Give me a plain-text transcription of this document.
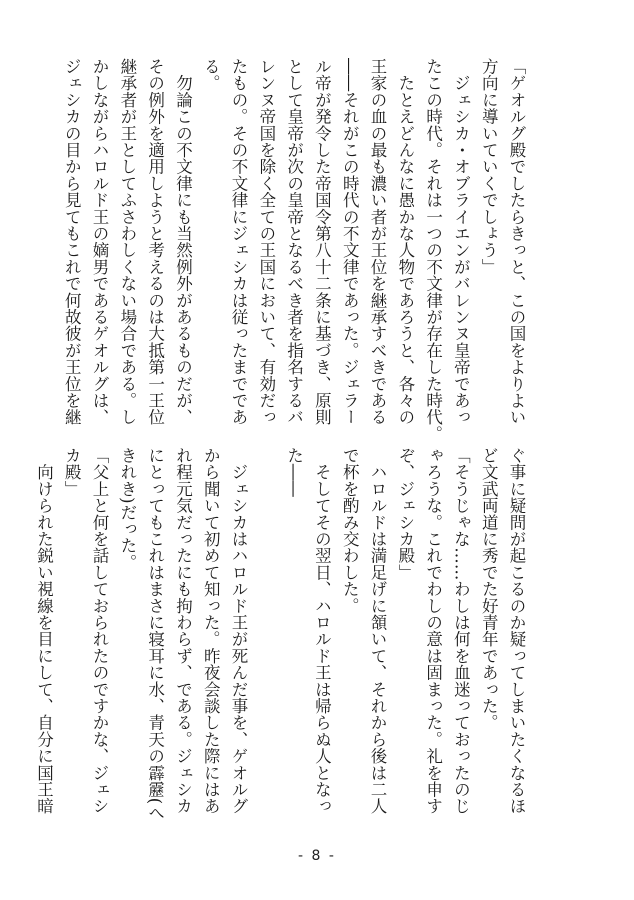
「ゲオルグ殿でしたらきっと、この国をよりよい
方向に導いていくでしょう」
　ジェシカ・オブライエンがバレンヌ皇帝であっ
たこの時代。それは一つの不文律が存在した時代。
　たとえどんなに愚かな人物であろうと、各々の
王家の血の最も濃い者が王位を継承すべきである
――それがこの時代の不文律であった。ジェラー
ル帝が発令した帝国令第八十二条に基づき、原則
として皇帝が次の皇帝となるべき者を指名するバ
レンヌ帝国を除く全ての王国において、有効だっ
たもの。その不文律にジェシカは従ったまでであ
る。
　勿論この不文律にも当然例外があるものだが、
その例外を適用しようと考えるのは大抵第一王位
継承者が王としてふさわしくない場合である。し
かしながらハロルド王の嫡男であるゲオルグは、
ジェシカの目から見てもこれで何故彼が王位を継
ぐ事に疑問が起こるのか疑ってしまいたくなるほ
ど文武両道に秀でた好青年であった。
「そうじゃな……わしは何を血迷っておったのじ
ゃろうな。これでわしの意は固まった。礼を申す
ぞ、ジェシカ殿」
　ハロルドは満足げに頷いて、それから後は二人
で杯を酌み交わした。
　そしてその翌日、ハロルド王は帰らぬ人となっ
た――
　ジェシカはハロルド王が死んだ事を、ゲオルグ
から聞いて初めて知った。昨夜会談した際にはあ
れ程元気だったにも拘わらず、である。ジェシカ
にとってもこれはまさに寝耳に水、青天の霹靂(へ
きれき)だった。
「父上と何を話しておられたのですかな、ジェシ
カ殿」
　向けられた鋭い視線を目にして、自分に国王暗
- 8 -
